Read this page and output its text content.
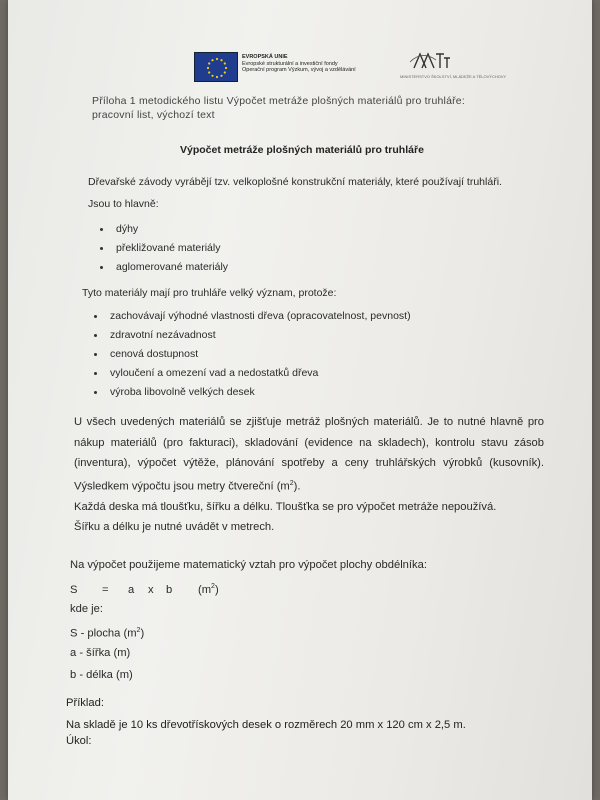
EVROPSKÁ UNIE
Evropské strukturální a investiční fondy
Operační program Výzkum, vývoj a vzdělávání
MINISTERSTVO ŠKOLSTVÍ, MLÁDEŽE A TĚLOVÝCHOVY
Příloha 1 metodického listu Výpočet metráže plošných materiálů pro truhláře:
pracovní list, výchozí text
Výpočet metráže plošných materiálů pro truhláře
Dřevařské závody vyrábějí tzv. velkoplošné konstrukční materiály, které používají truhláři.
Jsou to hlavně:
dýhy
překližované materiály
aglomerované materiály
Tyto materiály mají pro truhláře velký význam, protože:
zachovávají výhodné vlastnosti dřeva (opracovatelnost, pevnost)
zdravotní nezávadnost
cenová dostupnost
vyloučení a omezení vad a nedostatků dřeva
výroba libovolně velkých desek

U všech uvedených materiálů se zjišťuje metráž plošných materiálů. Je to nutné hlavně pro

nákup materiálů (pro fakturaci), skladování (evidence na skladech), kontrolu stavu zásob

(inventura), výpočet výtěže, plánování spotřeby a ceny truhlářských výrobků (kusovník).

Výsledkem výpočtu jsou metry čtvereční $(m^2)$.

Každá deska má tloušťku, šířku a délku. Tloušťka se pro výpočet metráže nepoužívá.

Šířku a délku je nutné uvádět v metrech.

Na výpočet použijeme matematický vztah pro výpočet plochy obdélníka:
S = a x b $(m^2)$
kde je:
S - plocha $(m^2)$
a - šířka (m)
b - délka (m)
Příklad:
Na skladě je 10 ks dřevotřískových desek o rozměrech 20 mm x 120 cm x 2,5 m.
Úkol:
